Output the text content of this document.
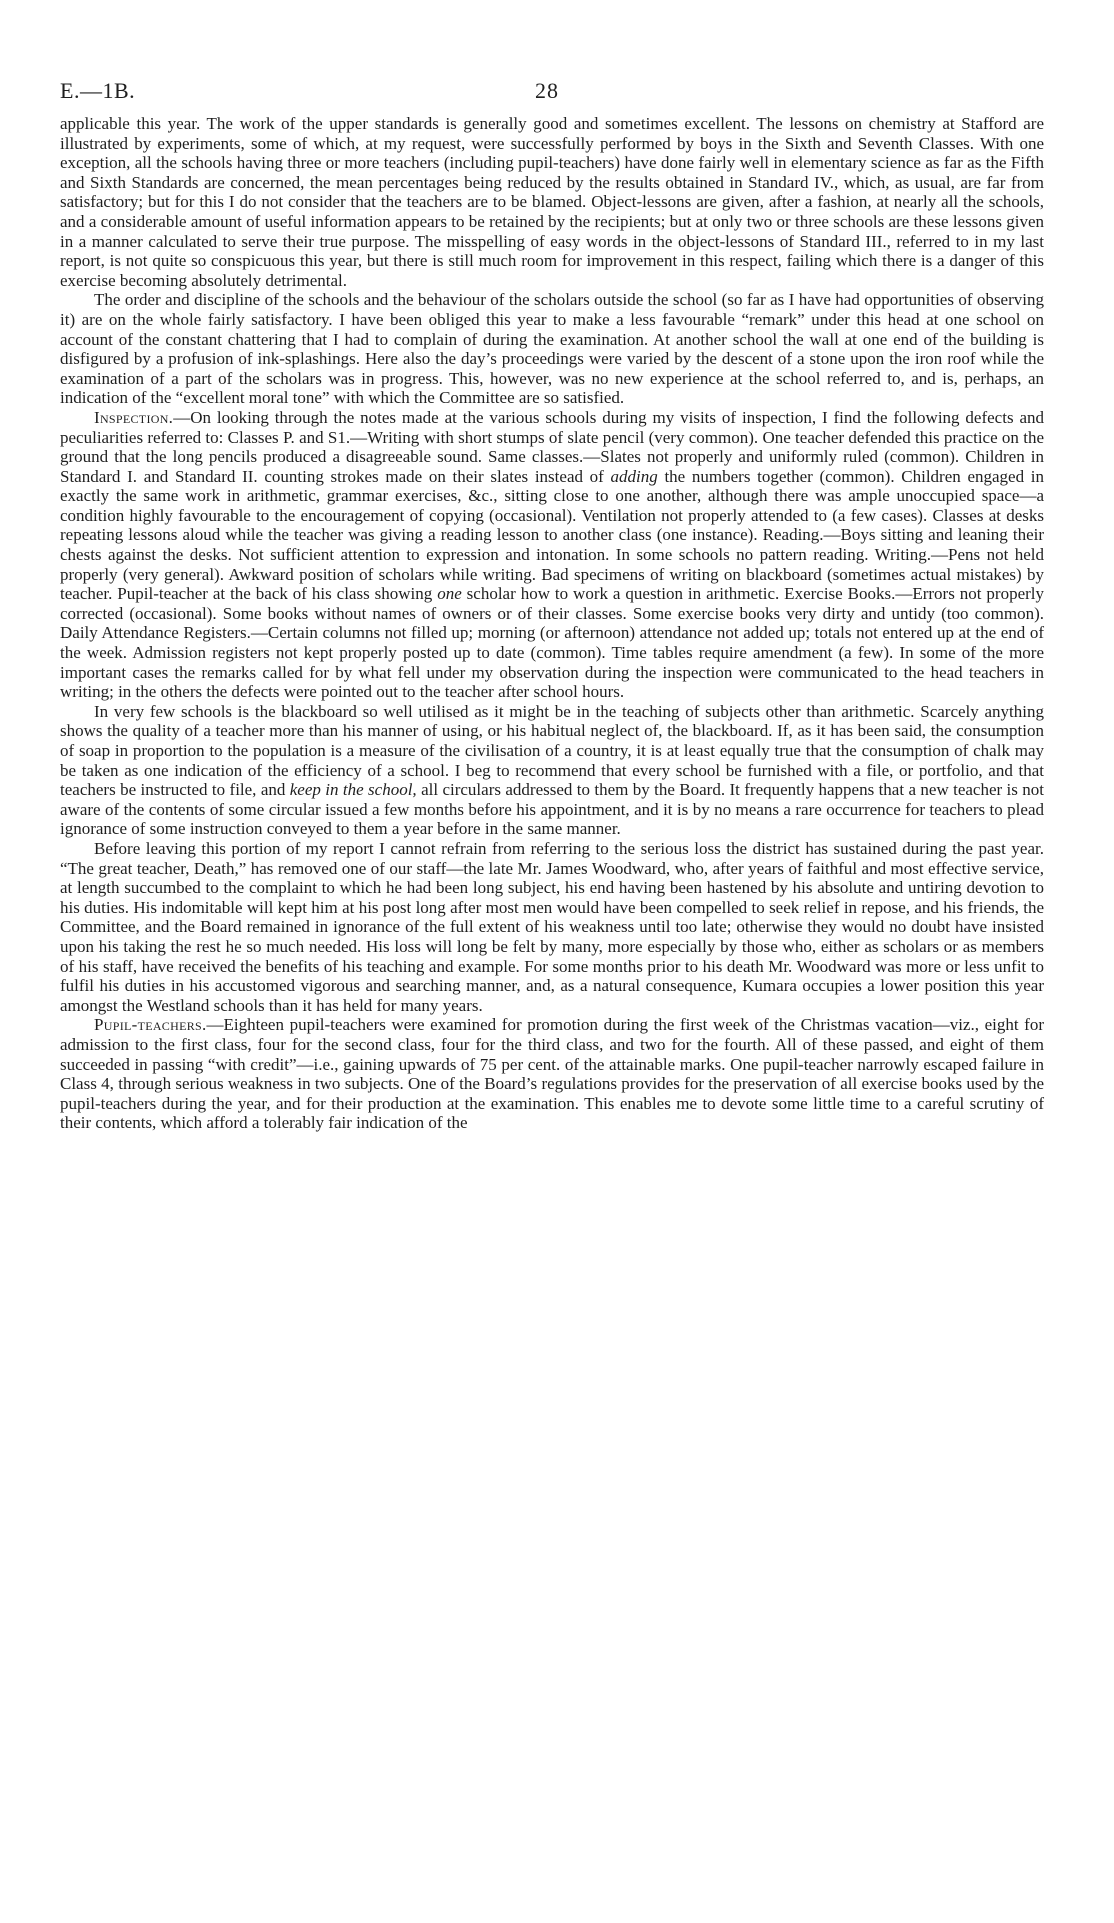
E.—1B.	28

applicable this year. The work of the upper standards is generally good and sometimes excellent. The lessons on chemistry at Stafford are illustrated by experiments, some of which, at my request, were successfully performed by boys in the Sixth and Seventh Classes. With one exception, all the schools having three or more teachers (including pupil-teachers) have done fairly well in elementary science as far as the Fifth and Sixth Standards are concerned, the mean percentages being reduced by the results obtained in Standard IV., which, as usual, are far from satisfactory; but for this I do not consider that the teachers are to be blamed. Object-lessons are given, after a fashion, at nearly all the schools, and a considerable amount of useful information appears to be retained by the recipients; but at only two or three schools are these lessons given in a manner calculated to serve their true purpose. The misspelling of easy words in the object-lessons of Standard III., referred to in my last report, is not quite so conspicuous this year, but there is still much room for improvement in this respect, failing which there is a danger of this exercise becoming absolutely detrimental.

The order and discipline of the schools and the behaviour of the scholars outside the school (so far as I have had opportunities of observing it) are on the whole fairly satisfactory. I have been obliged this year to make a less favourable “remark” under this head at one school on account of the constant chattering that I had to complain of during the examination. At another school the wall at one end of the building is disfigured by a profusion of ink-splashings. Here also the day’s proceedings were varied by the descent of a stone upon the iron roof while the examination of a part of the scholars was in progress. This, however, was no new experience at the school referred to, and is, perhaps, an indication of the “excellent moral tone” with which the Committee are so satisfied.

Inspection.—On looking through the notes made at the various schools during my visits of inspection, I find the following defects and peculiarities referred to: Classes P. and S1.—Writing with short stumps of slate pencil (very common). One teacher defended this practice on the ground that the long pencils produced a disagreeable sound. Same classes.—Slates not properly and uniformly ruled (common). Children in Standard I. and Standard II. counting strokes made on their slates instead of adding the numbers together (common). Children engaged in exactly the same work in arithmetic, grammar exercises, &c., sitting close to one another, although there was ample unoccupied space—a condition highly favourable to the encouragement of copying (occasional). Ventilation not properly attended to (a few cases). Classes at desks repeating lessons aloud while the teacher was giving a reading lesson to another class (one instance). Reading.—Boys sitting and leaning their chests against the desks. Not sufficient attention to expression and intonation. In some schools no pattern reading. Writing.—Pens not held properly (very general). Awkward position of scholars while writing. Bad specimens of writing on blackboard (sometimes actual mistakes) by teacher. Pupil-teacher at the back of his class showing one scholar how to work a question in arithmetic. Exercise Books.—Errors not properly corrected (occasional). Some books without names of owners or of their classes. Some exercise books very dirty and untidy (too common). Daily Attendance Registers.—Certain columns not filled up; morning (or afternoon) attendance not added up; totals not entered up at the end of the week. Admission registers not kept properly posted up to date (common). Time tables require amendment (a few). In some of the more important cases the remarks called for by what fell under my observation during the inspection were communicated to the head teachers in writing; in the others the defects were pointed out to the teacher after school hours.

In very few schools is the blackboard so well utilised as it might be in the teaching of subjects other than arithmetic. Scarcely anything shows the quality of a teacher more than his manner of using, or his habitual neglect of, the blackboard. If, as it has been said, the consumption of soap in proportion to the population is a measure of the civilisation of a country, it is at least equally true that the consumption of chalk may be taken as one indication of the efficiency of a school. I beg to recommend that every school be furnished with a file, or portfolio, and that teachers be instructed to file, and keep in the school, all circulars addressed to them by the Board. It frequently happens that a new teacher is not aware of the contents of some circular issued a few months before his appointment, and it is by no means a rare occurrence for teachers to plead ignorance of some instruction conveyed to them a year before in the same manner.

Before leaving this portion of my report I cannot refrain from referring to the serious loss the district has sustained during the past year. “The great teacher, Death,” has removed one of our staff—the late Mr. James Woodward, who, after years of faithful and most effective service, at length succumbed to the complaint to which he had been long subject, his end having been hastened by his absolute and untiring devotion to his duties. His indomitable will kept him at his post long after most men would have been compelled to seek relief in repose, and his friends, the Committee, and the Board remained in ignorance of the full extent of his weakness until too late; otherwise they would no doubt have insisted upon his taking the rest he so much needed. His loss will long be felt by many, more especially by those who, either as scholars or as members of his staff, have received the benefits of his teaching and example. For some months prior to his death Mr. Woodward was more or less unfit to fulfil his duties in his accustomed vigorous and searching manner, and, as a natural consequence, Kumara occupies a lower position this year amongst the Westland schools than it has held for many years.

Pupil-teachers.—Eighteen pupil-teachers were examined for promotion during the first week of the Christmas vacation—viz., eight for admission to the first class, four for the second class, four for the third class, and two for the fourth. All of these passed, and eight of them succeeded in passing “with credit”—i.e., gaining upwards of 75 per cent. of the attainable marks. One pupil-teacher narrowly escaped failure in Class 4, through serious weakness in two subjects. One of the Board’s regulations provides for the preservation of all exercise books used by the pupil-teachers during the year, and for their production at the examination. This enables me to devote some little time to a careful scrutiny of their contents, which afford a tolerably fair indication of the
